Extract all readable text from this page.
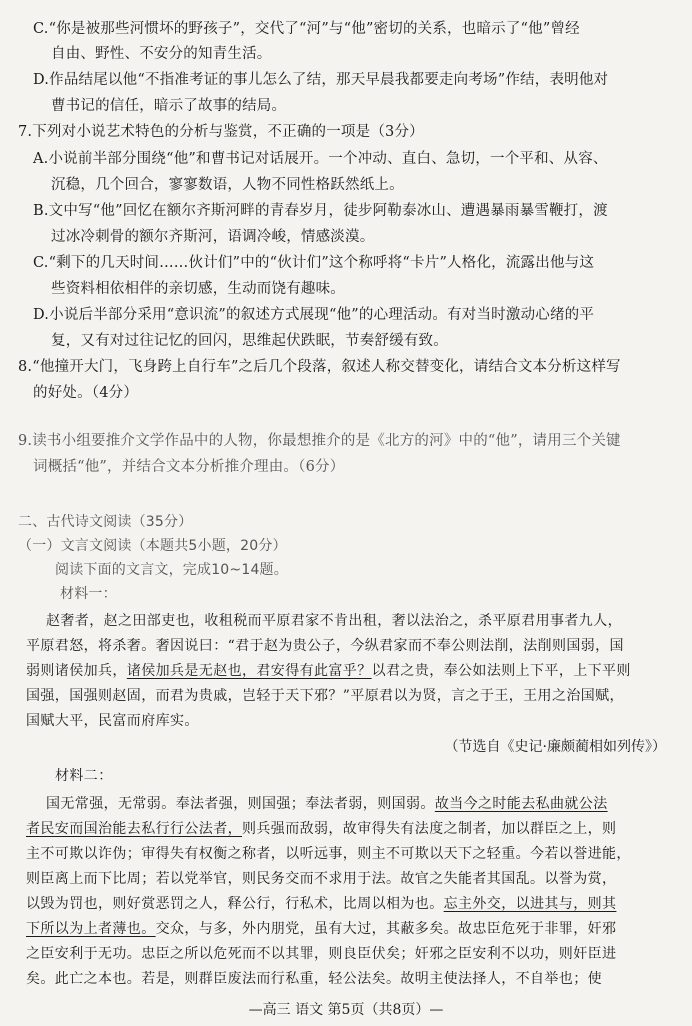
C.“你是被那些河惯坏的野孩子”，交代了“河”与“他”密切的关系，也暗示了“他”曾经
自由、野性、不安分的知青生活。
D.作品结尾以他“不指准考证的事儿怎么了结，那天早晨我都要走向考场”作结，表明他对
曹书记的信任，暗示了故事的结局。
7.下列对小说艺术特色的分析与鉴赏，不正确的一项是（3分）
A.小说前半部分围绕“他”和曹书记对话展开。一个冲动、直白、急切，一个平和、从容、
沉稳，几个回合，寥寥数语，人物不同性格跃然纸上。
B.文中写“他”回忆在额尔齐斯河畔的青春岁月，徒步阿勒泰冰山、遭遇暴雨暴雪鞭打，渡
过冰冷刺骨的额尔齐斯河，语调冷峻，情感淡漠。
C.“剩下的几天时间……伙计们”中的“伙计们”这个称呼将“卡片”人格化，流露出他与这
些资料相依相伴的亲切感，生动而饶有趣味。
D.小说后半部分采用“意识流”的叙述方式展现“他”的心理活动。有对当时激动心绪的平
复，又有对过往记忆的回闪，思维起伏跌眠，节奏舒缓有致。
8.“他撞开大门，飞身跨上自行车”之后几个段落，叙述人称交替变化，请结合文本分析这样写
的好处。（4分）
9.读书小组要推介文学作品中的人物，你最想推介的是《北方的河》中的“他”，请用三个关键
词概括“他”，并结合文本分析推介理由。（6分）
二、古代诗文阅读（35分）
（一）文言文阅读（本题共5小题，20分）
阅读下面的文言文，完成10~14题。
材料一：
赵奢者，赵之田部吏也，收租税而平原君家不肯出租，奢以法治之，杀平原君用事者九人，
平原君怒，将杀奢。奢因说曰：“君于赵为贵公子，今纵君家而不奉公则法削，法削则国弱，国
弱则诸侯加兵，诸侯加兵是无赵也，君安得有此富乎？以君之贵，奉公如法则上下平，上下平则
国强，国强则赵固，而君为贵戚，岂轻于天下邪？”平原君以为贤，言之于王，王用之治国赋，
国赋大平，民富而府库实。
（节选自《史记·廉颇蔺相如列传》）
材料二：
国无常强，无常弱。奉法者强，则国强；奉法者弱，则国弱。故当今之时能去私曲就公法
者民安而国治能去私行行公法者，则兵强而敌弱，故审得失有法度之制者，加以群臣之上，则
主不可欺以诈伪；审得失有权衡之称者，以听远事，则主不可欺以天下之轻重。今若以誉进能，
则臣离上而下比周；若以党举官，则民务交而不求用于法。故官之失能者其国乱。以誉为赏，
以毁为罚也，则好赏恶罚之人，释公行，行私术，比周以相为也。忘主外交，以进其与，则其
下所以为上者薄也。交众，与多，外内朋党，虽有大过，其蔽多矣。故忠臣危死于非罪，奸邪
之臣安利于无功。忠臣之所以危死而不以其罪，则良臣伏矣；奸邪之臣安利不以功，则奸臣进
矣。此亡之本也。若是，则群臣废法而行私重，轻公法矣。故明主使法择人，不自举也；使
—高三 语文 第5页（共8页）—
